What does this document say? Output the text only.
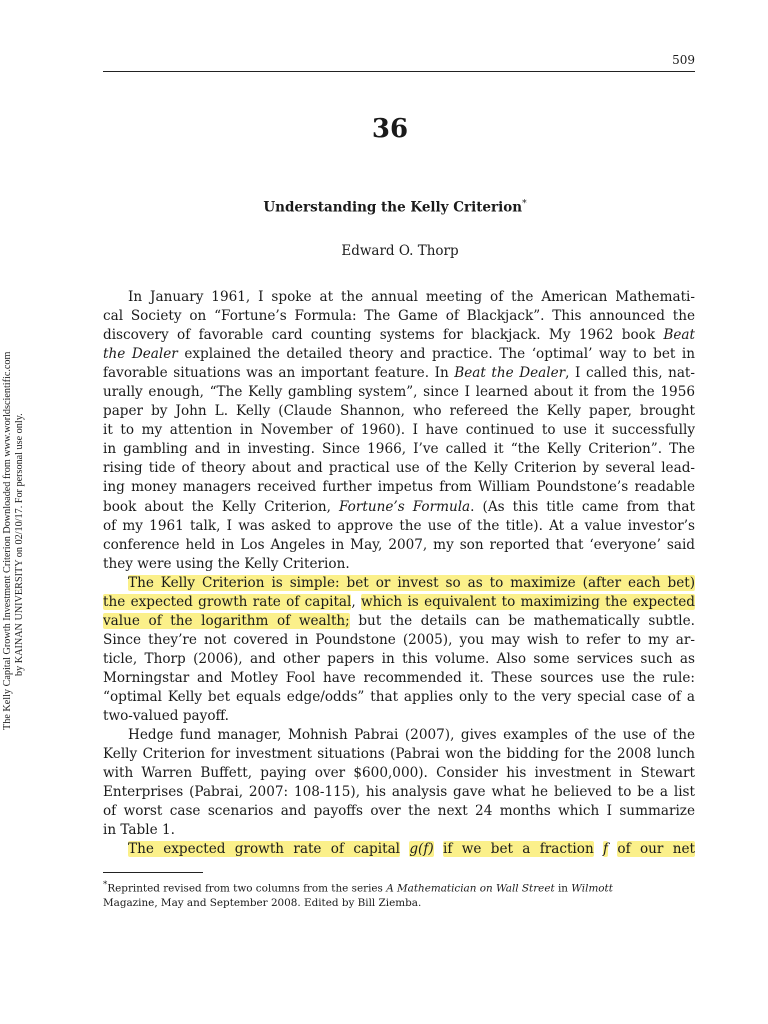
509
The Kelly Capital Growth Investment Criterion Downloaded from www.worldscientific.com by KAINAN UNIVERSITY on 02/10/17. For personal use only.
36
Understanding the Kelly Criterion*
Edward O. Thorp
In January 1961, I spoke at the annual meeting of the American Mathemati-
cal Society on “Fortune’s Formula: The Game of Blackjack”. This announced the
discovery of favorable card counting systems for blackjack. My 1962 book Beat
the Dealer explained the detailed theory and practice. The ‘optimal’ way to bet in
favorable situations was an important feature. In Beat the Dealer, I called this, nat-
urally enough, “The Kelly gambling system”, since I learned about it from the 1956
paper by John L. Kelly (Claude Shannon, who refereed the Kelly paper, brought
it to my attention in November of 1960). I have continued to use it successfully
in gambling and in investing. Since 1966, I’ve called it “the Kelly Criterion”. The
rising tide of theory about and practical use of the Kelly Criterion by several lead-
ing money managers received further impetus from William Poundstone’s readable
book about the Kelly Criterion, Fortune’s Formula. (As this title came from that
of my 1961 talk, I was asked to approve the use of the title). At a value investor’s
conference held in Los Angeles in May, 2007, my son reported that ‘everyone’ said
they were using the Kelly Criterion.
The Kelly Criterion is simple: bet or invest so as to maximize (after each bet)
the expected growth rate of capital, which is equivalent to maximizing the expected
value of the logarithm of wealth; but the details can be mathematically subtle.
Since they’re not covered in Poundstone (2005), you may wish to refer to my ar-
ticle, Thorp (2006), and other papers in this volume. Also some services such as
Morningstar and Motley Fool have recommended it. These sources use the rule:
“optimal Kelly bet equals edge/odds” that applies only to the very special case of a
two-valued payoff.
Hedge fund manager, Mohnish Pabrai (2007), gives examples of the use of the
Kelly Criterion for investment situations (Pabrai won the bidding for the 2008 lunch
with Warren Buffett, paying over $600,000). Consider his investment in Stewart
Enterprises (Pabrai, 2007: 108-115), his analysis gave what he believed to be a list
of worst case scenarios and payoffs over the next 24 months which I summarize
in Table 1.
The expected growth rate of capital g(f) if we bet a fraction f of our net
*Reprinted revised from two columns from the series A Mathematician on Wall Street in Wilmott
Magazine, May and September 2008. Edited by Bill Ziemba.
